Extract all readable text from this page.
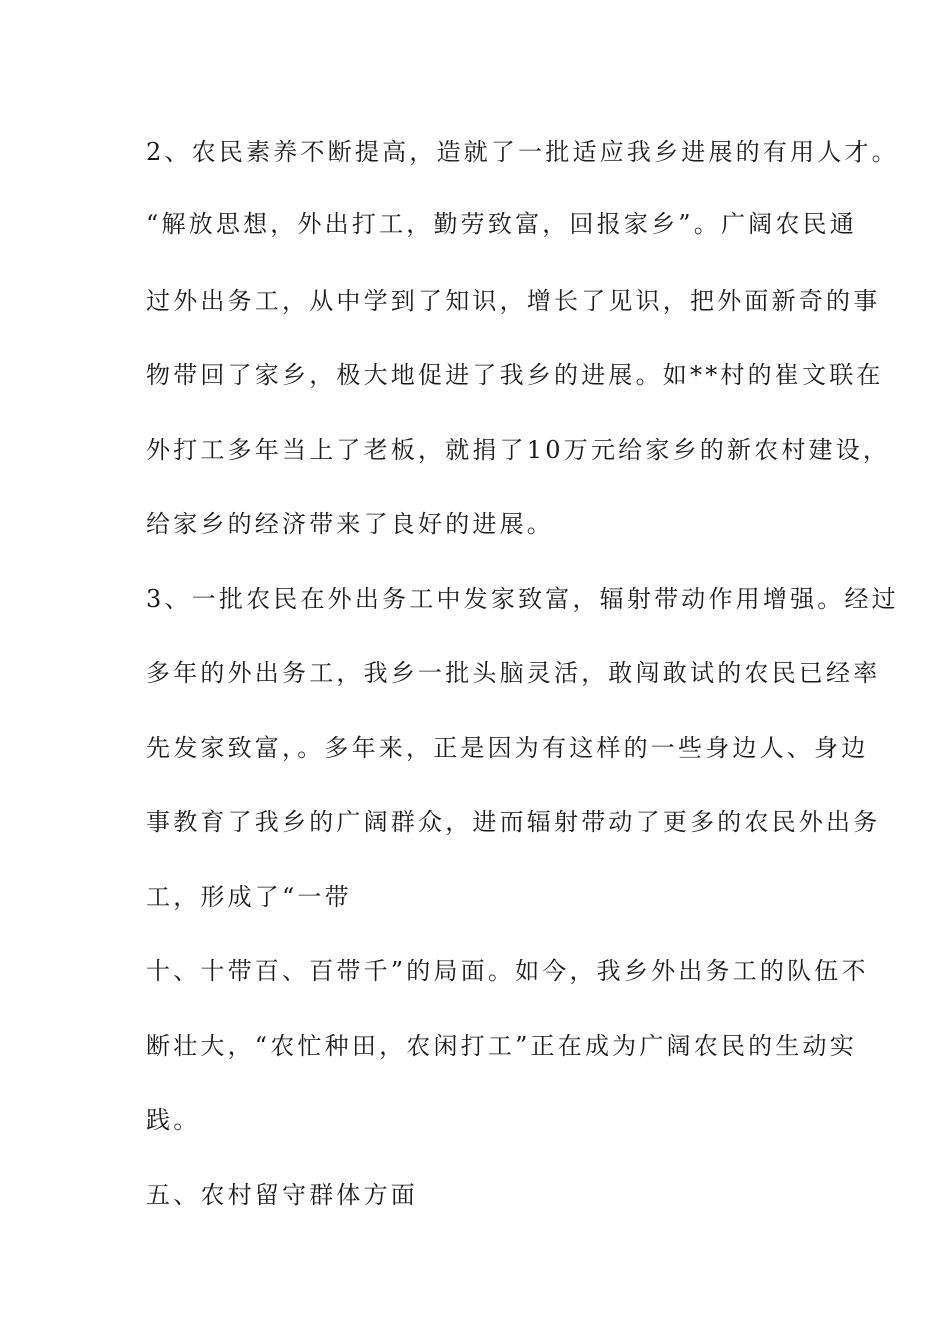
2、农民素养不断提高，造就了一批适应我乡进展的有用人才。
“解放思想，外出打工，勤劳致富，回报家乡”。广阔农民通
过外出务工，从中学到了知识，增长了见识，把外面新奇的事
物带回了家乡，极大地促进了我乡的进展。如**村的崔文联在
外打工多年当上了老板，就捐了10万元给家乡的新农村建设，
给家乡的经济带来了良好的进展。
3、一批农民在外出务工中发家致富，辐射带动作用增强。经过
多年的外出务工，我乡一批头脑灵活，敢闯敢试的农民已经率
先发家致富，。多年来，正是因为有这样的一些身边人、身边
事教育了我乡的广阔群众，进而辐射带动了更多的农民外出务
工，形成了“一带
十、十带百、百带千”的局面。如今，我乡外出务工的队伍不
断壮大，“农忙种田，农闲打工”正在成为广阔农民的生动实
践。
五、农村留守群体方面
